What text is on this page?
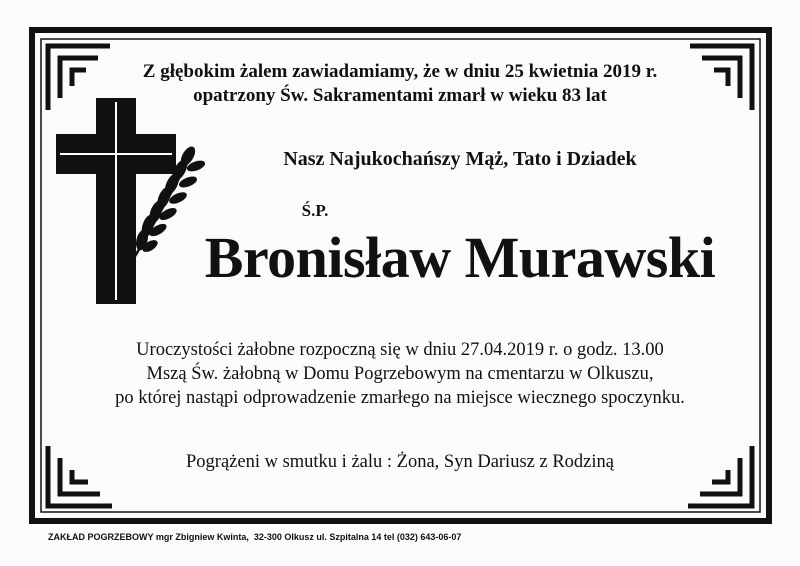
Z głębokim żalem zawiadamiamy, że w dniu 25 kwietnia 2019 r.
opatrzony Św. Sakramentami zmarł w wieku 83 lat
Nasz Najukochańszy Mąż, Tato i Dziadek
Ś.P.
Bronisław Murawski
Uroczystości żałobne rozpoczną się w dniu 27.04.2019 r. o godz. 13.00
Mszą Św. żałobną w Domu Pogrzebowym na cmentarzu w Olkuszu,
po której nastąpi odprowadzenie zmarłego na miejsce wiecznego spoczynku.
Pogrążeni w smutku i żalu : Żona, Syn Dariusz z Rodziną
ZAKŁAD POGRZEBOWY mgr Zbigniew Kwinta,  32-300 Olkusz ul. Szpitalna 14 tel (032) 643-06-07
